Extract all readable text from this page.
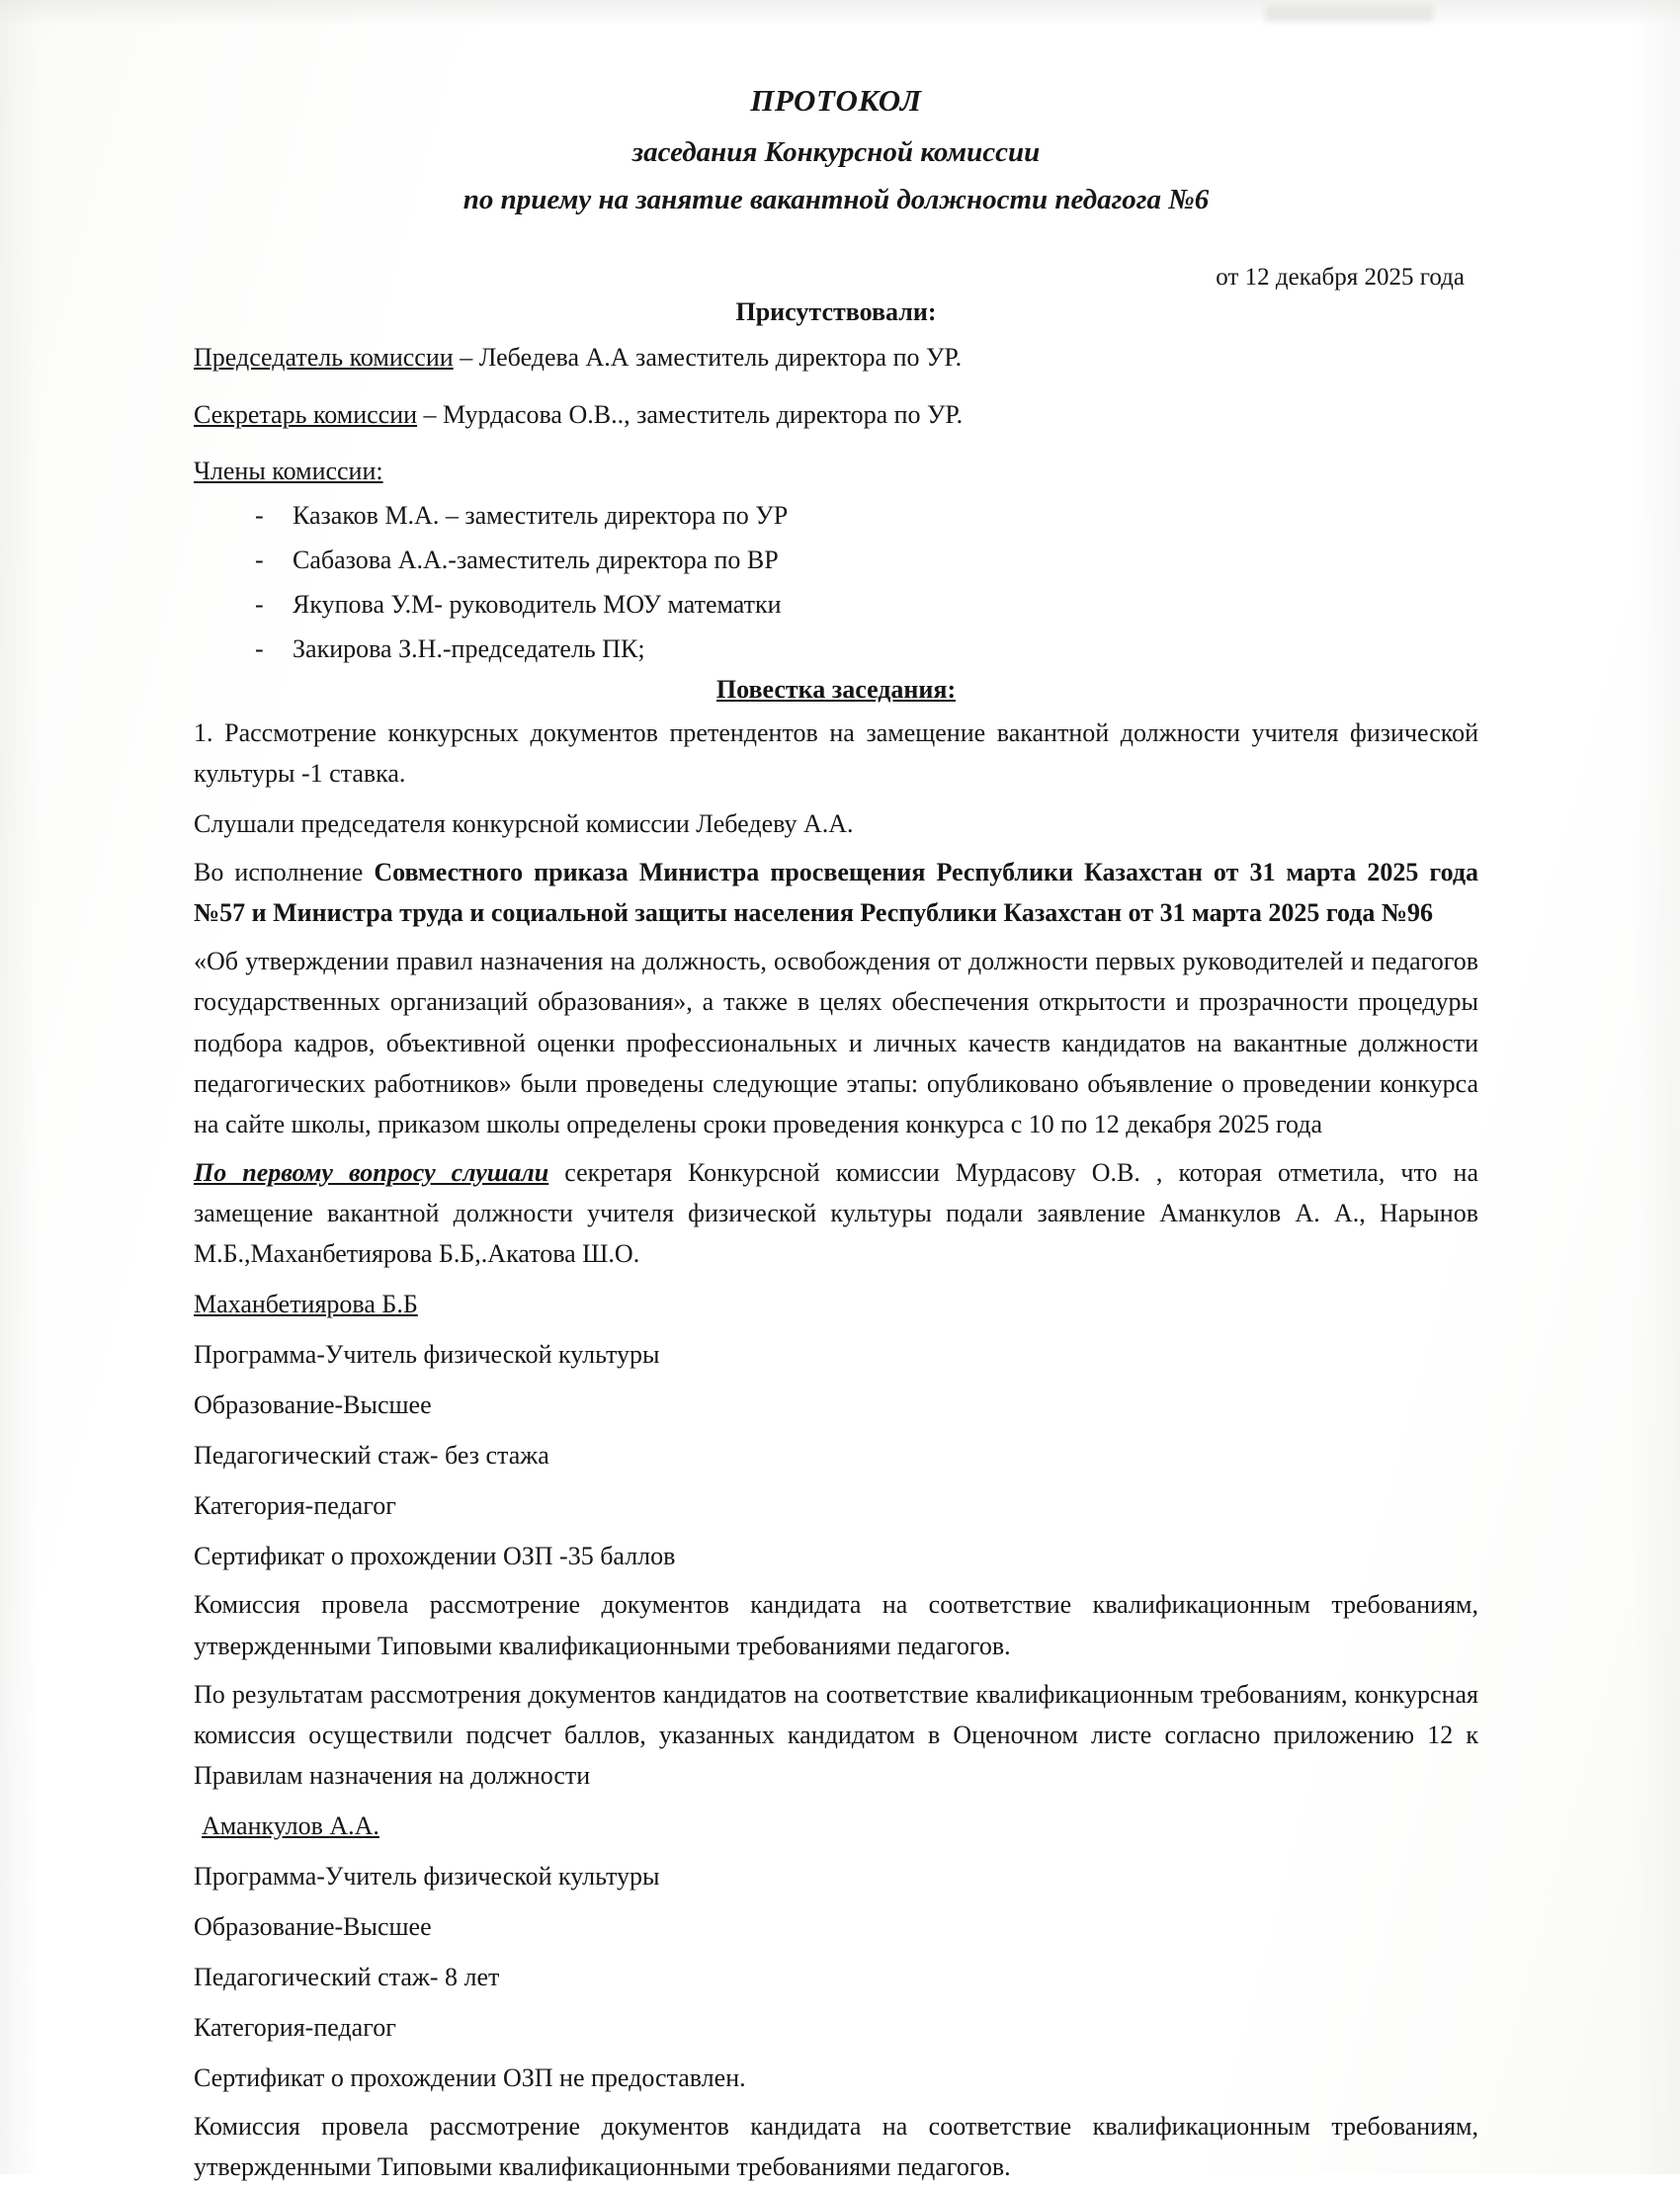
ПРОТОКОЛ

заседания Конкурсной комиссии

по приему на занятие вакантной должности педагога №6

от 12 декабря 2025 года

Присутствовали:

Председатель комиссии – Лебедева А.А заместитель директора по УР.

Секретарь комиссии – Мурдасова О.В.., заместитель директора по УР.

Члены комиссии:

- Казаков М.А. – заместитель директора по УР
- Сабазова А.А.-заместитель директора по ВР
- Якупова У.М- руководитель МОУ математки
- Закирова З.Н.-председатель ПК;

Повестка заседания:

1. Рассмотрение конкурсных документов претендентов на замещение вакантной должности учителя физической культуры -1 ставка.

Слушали председателя конкурсной комиссии Лебедеву А.А.

Во исполнение Совместного приказа Министра просвещения Республики Казахстан от 31 марта 2025 года №57 и Министра труда и социальной защиты населения Республики Казахстан от 31 марта 2025 года №96

«Об утверждении правил назначения на должность, освобождения от должности первых руководителей и педагогов государственных организаций образования», а также в целях обеспечения открытости и прозрачности процедуры подбора кадров, объективной оценки профессиональных и личных качеств кандидатов на вакантные должности педагогических работников» были проведены следующие этапы: опубликовано объявление о проведении конкурса на сайте школы, приказом школы определены сроки проведения конкурса с 10 по 12 декабря 2025 года

По первому вопросу слушали секретаря Конкурсной комиссии Мурдасову О.В. , которая отметила, что на замещение вакантной должности учителя физической культуры подали заявление Аманкулов А. А., Нарынов М.Б.,Маханбетиярова Б.Б,.Акатова Ш.О.

Маханбетиярова Б.Б

Программа-Учитель физической культуры

Образование-Высшее

Педагогический стаж- без стажа

Категория-педагог

Сертификат о прохождении ОЗП -35 баллов

Комиссия провела рассмотрение документов кандидата на соответствие квалификационным требованиям, утвержденными Типовыми квалификационными требованиями педагогов.

По результатам рассмотрения документов кандидатов на соответствие квалификационным требованиям, конкурсная комиссия осуществили подсчет баллов, указанных кандидатом в Оценочном листе согласно приложению 12 к Правилам назначения на должности

Аманкулов А.А.

Программа-Учитель физической культуры

Образование-Высшее

Педагогический стаж- 8 лет

Категория-педагог

Сертификат о прохождении ОЗП не предоставлен.

Комиссия провела рассмотрение документов кандидата на соответствие квалификационным требованиям, утвержденными Типовыми квалификационными требованиями педагогов.
